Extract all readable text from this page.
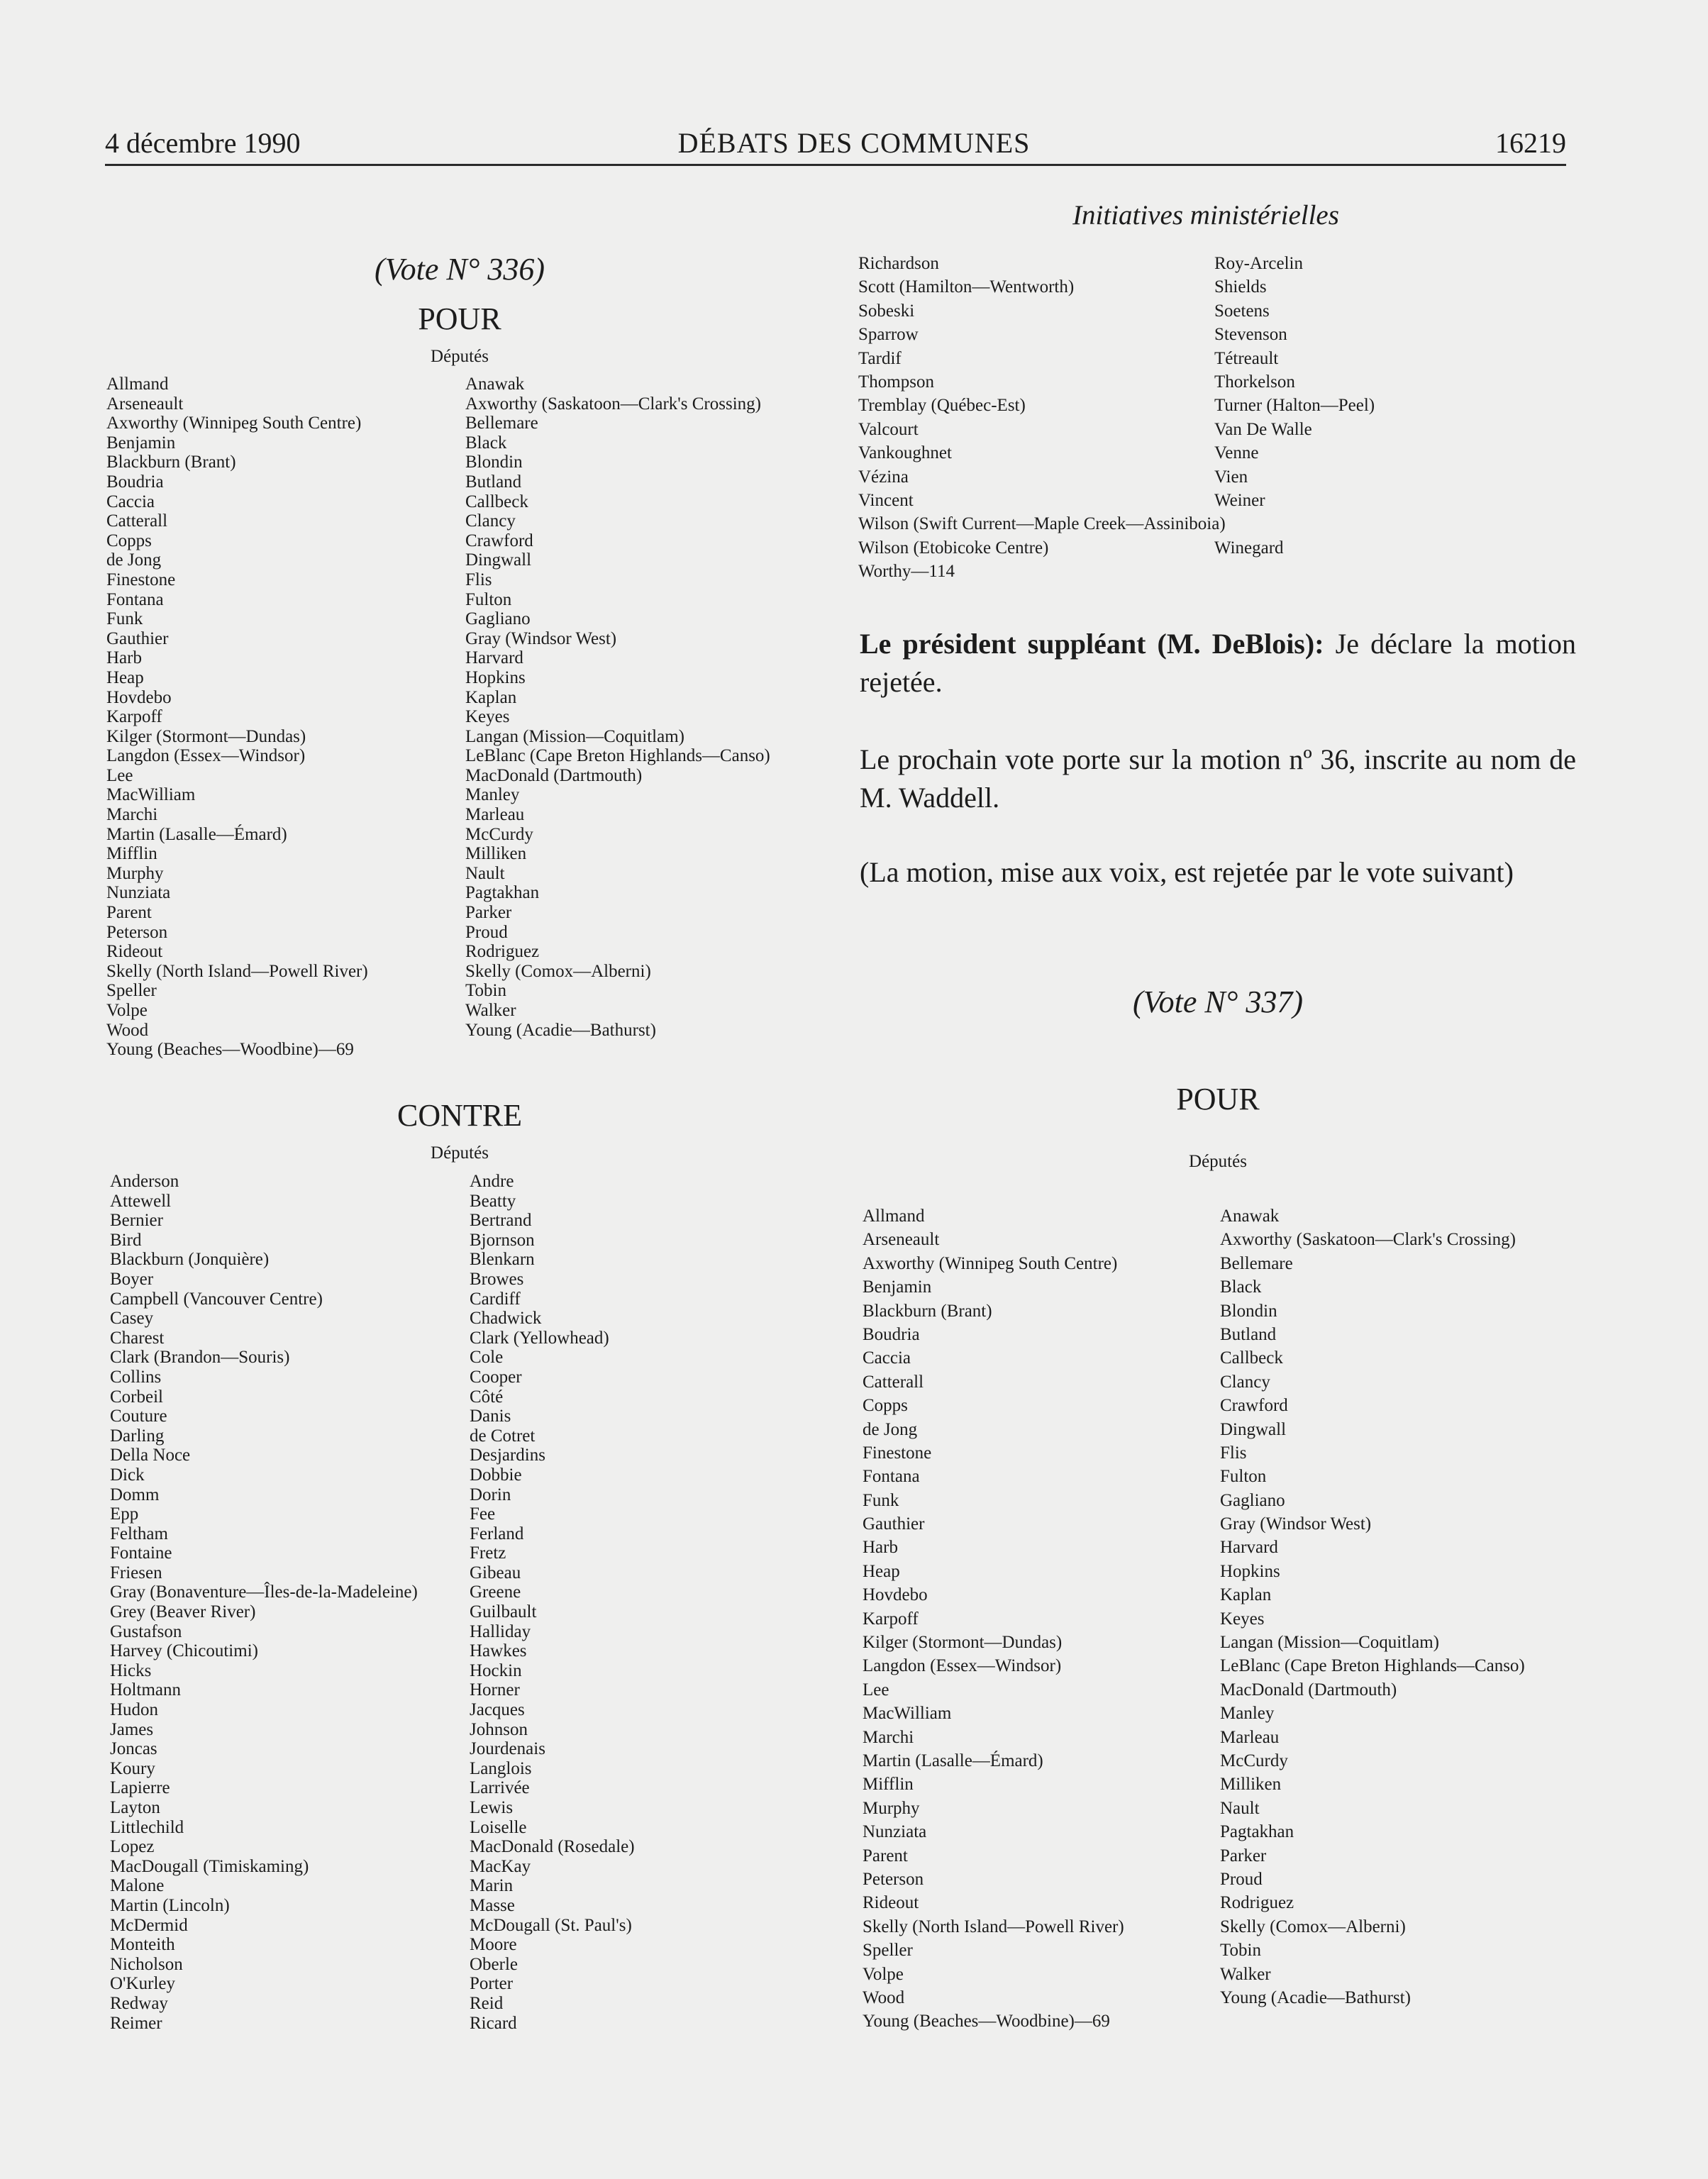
4 décembre 1990	DÉBATS DES COMMUNES	16219
(Vote N° 336)
POUR
Députés
Allmand
Arseneault
Axworthy (Winnipeg South Centre)
Benjamin
Blackburn (Brant)
Boudria
Caccia
Catterall
Copps
de Jong
Finestone
Fontana
Funk
Gauthier
Harb
Heap
Hovdebo
Karpoff
Kilger (Stormont—Dundas)
Langdon (Essex—Windsor)
Lee
MacWilliam
Marchi
Martin (Lasalle—Émard)
Mifflin
Murphy
Nunziata
Parent
Peterson
Rideout
Skelly (North Island—Powell River)
Speller
Volpe
Wood
Young (Beaches—Woodbine)—69
Anawak
Axworthy (Saskatoon—Clark's Crossing)
Bellemare
Black
Blondin
Butland
Callbeck
Clancy
Crawford
Dingwall
Flis
Fulton
Gagliano
Gray (Windsor West)
Harvard
Hopkins
Kaplan
Keyes
Langan (Mission—Coquitlam)
LeBlanc (Cape Breton Highlands—Canso)
MacDonald (Dartmouth)
Manley
Marleau
McCurdy
Milliken
Nault
Pagtakhan
Parker
Proud
Rodriguez
Skelly (Comox—Alberni)
Tobin
Walker
Young (Acadie—Bathurst)
CONTRE
Députés
Anderson
Attewell
Bernier
Bird
Blackburn (Jonquière)
Boyer
Campbell (Vancouver Centre)
Casey
Charest
Clark (Brandon—Souris)
Collins
Corbeil
Couture
Darling
Della Noce
Dick
Domm
Epp
Feltham
Fontaine
Friesen
Gray (Bonaventure—Îles-de-la-Madeleine)
Grey (Beaver River)
Gustafson
Harvey (Chicoutimi)
Hicks
Holtmann
Hudon
James
Joncas
Koury
Lapierre
Layton
Littlechild
Lopez
MacDougall (Timiskaming)
Malone
Martin (Lincoln)
McDermid
Monteith
Nicholson
O'Kurley
Redway
Reimer
Andre
Beatty
Bertrand
Bjornson
Blenkarn
Browes
Cardiff
Chadwick
Clark (Yellowhead)
Cole
Cooper
Côté
Danis
de Cotret
Desjardins
Dobbie
Dorin
Fee
Ferland
Fretz
Gibeau
Greene
Guilbault
Halliday
Hawkes
Hockin
Horner
Jacques
Johnson
Jourdenais
Langlois
Larrivée
Lewis
Loiselle
MacDonald (Rosedale)
MacKay
Marin
Masse
McDougall (St. Paul's)
Moore
Oberle
Porter
Reid
Ricard
Initiatives ministérielles
Richardson
Scott (Hamilton—Wentworth)
Sobeski
Sparrow
Tardif
Thompson
Tremblay (Québec-Est)
Valcourt
Vankoughnet
Vézina
Vincent
Wilson (Swift Current—Maple Creek—Assiniboia)
Wilson (Etobicoke Centre)
Worthy—114
Roy-Arcelin
Shields
Soetens
Stevenson
Tétreault
Thorkelson
Turner (Halton—Peel)
Van De Walle
Venne
Vien
Weiner
Winegard

Le président suppléant (M. DeBlois): Je déclare la motion rejetée.

Le prochain vote porte sur la motion nº 36, inscrite au nom de M. Waddell.

(La motion, mise aux voix, est rejetée par le vote suivant)

(Vote N° 337)
POUR
Députés
Allmand
Arseneault
Axworthy (Winnipeg South Centre)
Benjamin
Blackburn (Brant)
Boudria
Caccia
Catterall
Copps
de Jong
Finestone
Fontana
Funk
Gauthier
Harb
Heap
Hovdebo
Karpoff
Kilger (Stormont—Dundas)
Langdon (Essex—Windsor)
Lee
MacWilliam
Marchi
Martin (Lasalle—Émard)
Mifflin
Murphy
Nunziata
Parent
Peterson
Rideout
Skelly (North Island—Powell River)
Speller
Volpe
Wood
Young (Beaches—Woodbine)—69
Anawak
Axworthy (Saskatoon—Clark's Crossing)
Bellemare
Black
Blondin
Butland
Callbeck
Clancy
Crawford
Dingwall
Flis
Fulton
Gagliano
Gray (Windsor West)
Harvard
Hopkins
Kaplan
Keyes
Langan (Mission—Coquitlam)
LeBlanc (Cape Breton Highlands—Canso)
MacDonald (Dartmouth)
Manley
Marleau
McCurdy
Milliken
Nault
Pagtakhan
Parker
Proud
Rodriguez
Skelly (Comox—Alberni)
Tobin
Walker
Young (Acadie—Bathurst)
